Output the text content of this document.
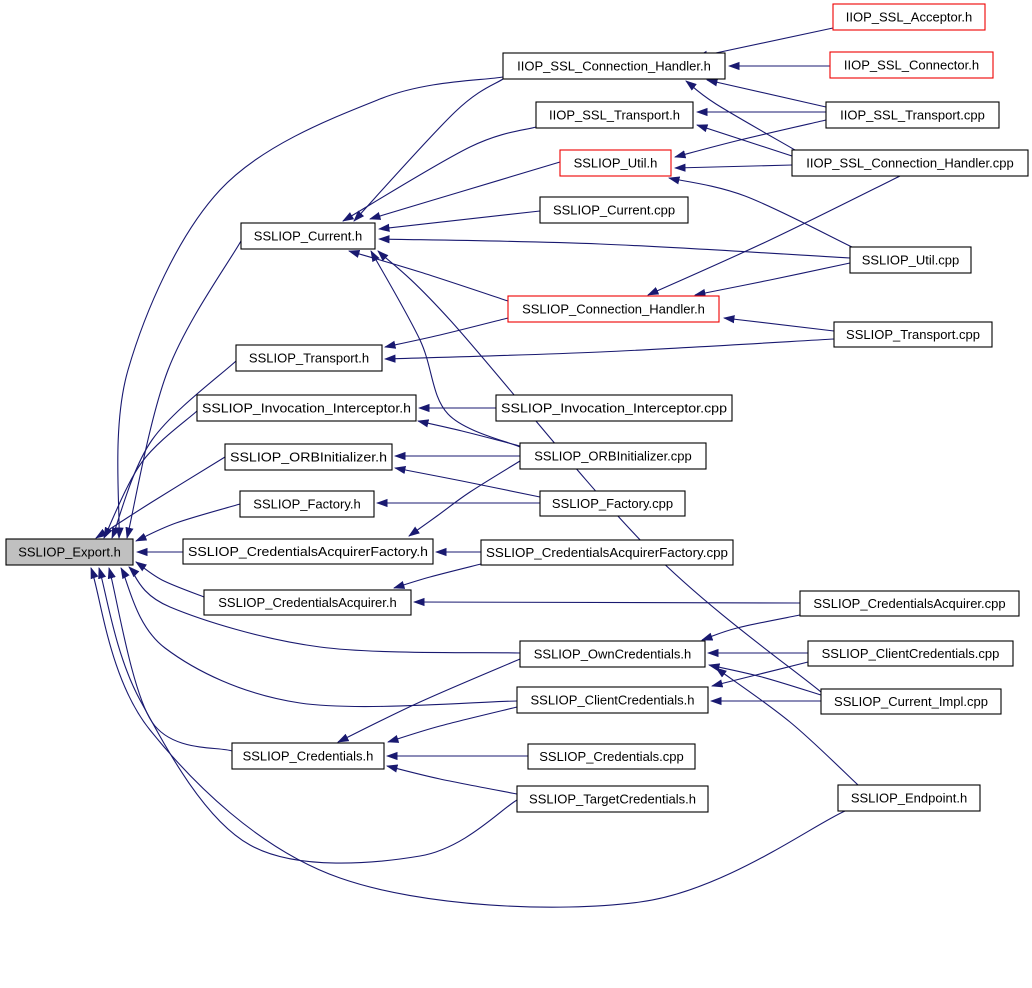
IIOP_SSL_Acceptor.h
IIOP_SSL_Connector.h
IIOP_SSL_Connection_Handler.h
IIOP_SSL_Transport.h	IIOP_SSL_Transport.cpp
SSLIOP_Util.h	IIOP_SSL_Connection_Handler.cpp
SSLIOP_Current.cpp
SSLIOP_Current.h
SSLIOP_Util.cpp
SSLIOP_Connection_Handler.h
SSLIOP_Transport.cpp
SSLIOP_Transport.h
SSLIOP_Invocation_Interceptor.h	SSLIOP_Invocation_Interceptor.cpp
SSLIOP_ORBInitializer.h	SSLIOP_ORBInitializer.cpp
SSLIOP_Factory.h	SSLIOP_Factory.cpp
SSLIOP_CredentialsAcquirerFactory.h	SSLIOP_CredentialsAcquirerFactory.cpp
SSLIOP_Export.h
SSLIOP_CredentialsAcquirer.h	SSLIOP_CredentialsAcquirer.cpp
SSLIOP_OwnCredentials.h	SSLIOP_ClientCredentials.cpp
SSLIOP_ClientCredentials.h	SSLIOP_Current_Impl.cpp
SSLIOP_Credentials.h	SSLIOP_Credentials.cpp
SSLIOP_TargetCredentials.h	SSLIOP_Endpoint.h
